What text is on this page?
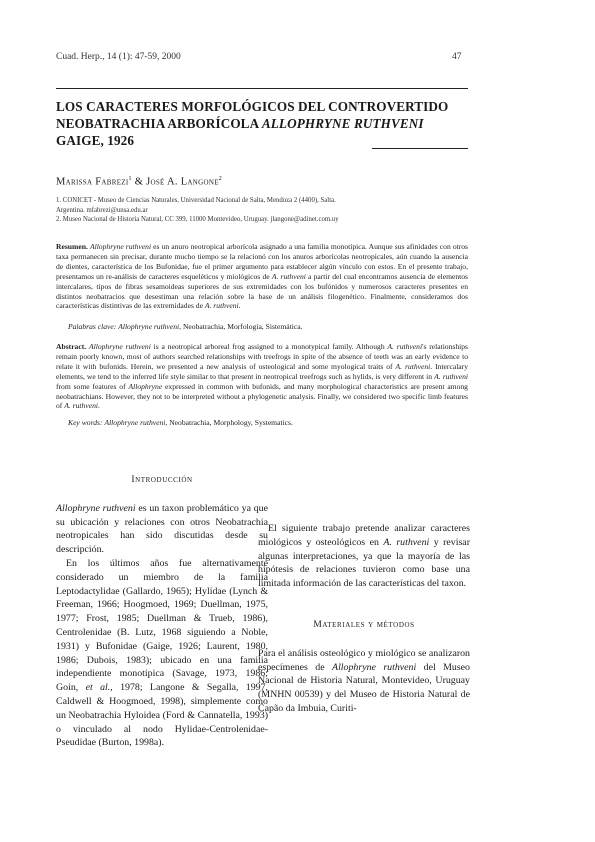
Cuad. Herp., 14 (1): 47-59, 2000	47
LOS CARACTERES MORFOLÓGICOS DEL CONTROVERTIDO NEOBATRACHIA ARBORÍCOLA ALLOPHRYNE RUTHVENI GAIGE, 1926
Marissa Fabrezi$^1$ & José A. Langone$^2$
1. CONICET - Museo de Ciencias Naturales, Universidad Nacional de Salta, Mendoza 2 (4400), Salta.
Argentina. mfabrezi@unsa.edu.ar
2. Museo Nacional de Historia Natural, CC 399, 11000 Montevideo, Uruguay. jlangone@adinet.com.uy
Resumen. Allophryne ruthveni es un anuro neotropical arborícola asignado a una familia monotípica. Aunque sus afinidades con otros taxa permanecen sin precisar, durante mucho tiempo se la relacionó con los anuros arborícolas neotropicales, aún cuando la ausencia de dientes, característica de los Bufonidae, fue el primer argumento para establecer algún vínculo con estos. En el presente trabajo, presentamos un re-análisis de caracteres esqueléticos y miológicos de A. ruthveni a partir del cual encontramos ausencia de elementos intercalares, tipos de fibras sesamoideas superiores de sus extremidades con los bufónidos y numerosos caracteres presentes en distintos neobatracios que desestiman una relación sobre la base de un análisis filogenético. Finalmente, consideramos dos características distintivas de las extremidades de A. ruthveni.
Palabras clave: Allophryne ruthveni, Neobatrachia, Morfología, Sistemática.
Abstract. Allophryne ruthveni is a neotropical arboreal frog assigned to a monotypical family. Although A. ruthveni's relationships remain poorly known, most of authors searched relationships with treefrogs in spite of the absence of teeth was an early evidence to relate it with bufonids. Herein, we presented a new analysis of osteological and some myological traits of A. ruthveni. Intercalary elements, we tend to the inferred life style similar to that present in neotropical treefrogs such as hylids, is very different in A. ruthveni from some features of Allophryne expressed in common with bufonids, and many morphological characteristics are present among neobatrachians. However, they not to be interpreted without a phylogenetic analysis. Finally, we considered two specific limb features of A. ruthveni.
Key words: Allophryne ruthveni, Neobatrachia, Morphology, Systematics.
Introducción

Allophryne ruthveni es un taxon problemático ya que su ubicación y relaciones con otros Neobatrachia neotropicales han sido discutidas desde su descripción.

En los últimos años fue alternativamente considerado un miembro de la familia Leptodactylidae (Gallardo, 1965); Hylidae (Lynch & Freeman, 1966; Hoogmoed, 1969; Duellman, 1975, 1977; Frost, 1985; Duellman & Trueb, 1986), Centrolenidae (B. Lutz, 1968 siguiendo a Noble, 1931) y Bufonidae (Gaige, 1926; Laurent, 1980, 1986; Dubois, 1983); ubicado en una familia independiente monotípica (Savage, 1973, 1986; Goin, et al., 1978; Langone & Segalla, 1997, Caldwell & Hoogmoed, 1998), simplemente como un Neobatrachia Hyloidea (Ford & Cannatella, 1993) o vinculado al nodo Hylidae-Centrolenidae-Pseudidae (Burton, 1998a).

El siguiente trabajo pretende analizar caracteres miológicos y osteológicos en A. ruthveni y revisar algunas interpretaciones, ya que la mayoría de las hipótesis de relaciones tuvieron como base una limitada información de las características del taxon.

Materiales y métodos

Para el análisis osteológico y miológico se analizaron especímenes de Allophryne ruthveni del Museo Nacional de Historia Natural, Montevideo, Uruguay (MNHN 00539) y del Museo de Historia Natural de Capão da Imbuia, Curiti-
